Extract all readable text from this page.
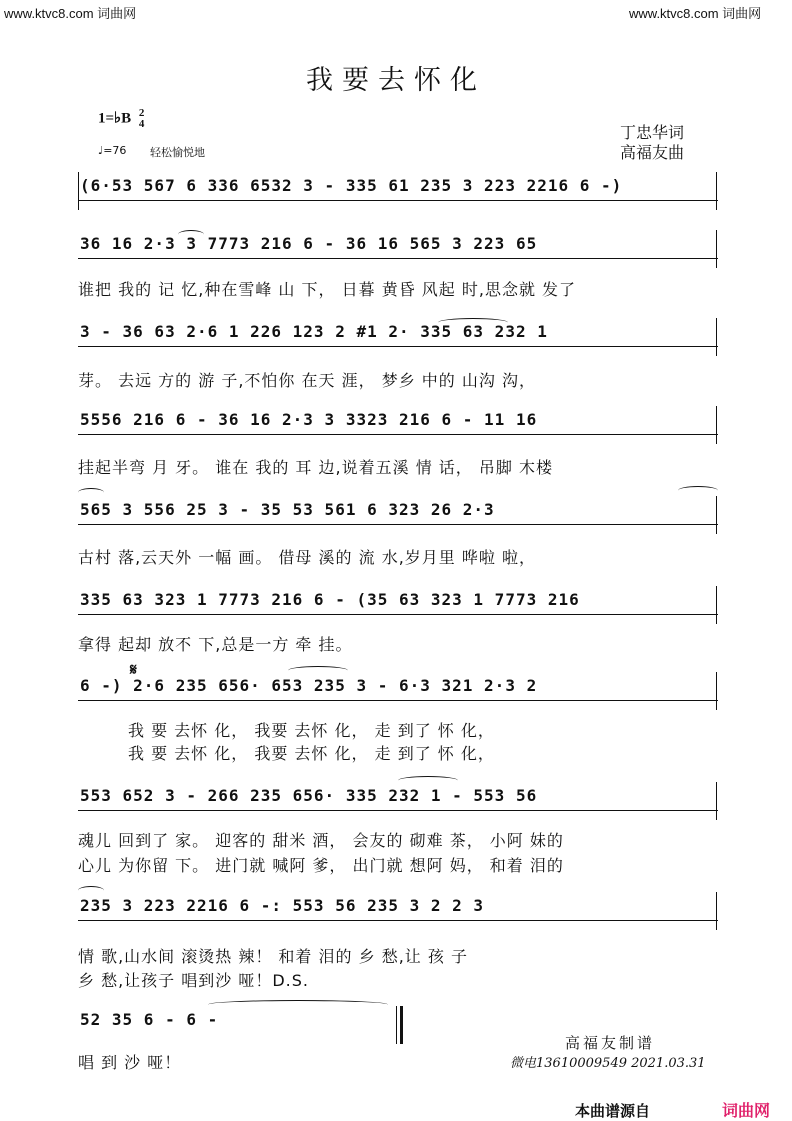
www.ktvc8.com 词曲网	www.ktvc8.com 词曲网
我要去怀化
1=♭B 2
4
♩=76 轻松愉悦地
丁忠华词
高福友曲
(6·53 567 6 336 6532 3 - 335 61 235 3 223 2216 6 -)
36 16 2·3 3 7773 216 6 - 36 16 565 3 223 65
谁把 我的 记 忆,种在雪峰 山 下， 日暮 黄昏 风起 时,思念就 发了
3 - 36 63 2·6 1 226 123 2 #1 2· 335 63 232 1
芽。 去远 方的 游 子,不怕你 在天 涯， 梦乡 中的 山沟 沟，
5556 216 6 - 36 16 2·3 3 3323 216 6 - 11 16
挂起半弯 月 牙。 谁在 我的 耳 边,说着五溪 情 话， 吊脚 木楼
565 3 556 25 3 - 35 53 561 6 323 26 2·3
古村 落,云天外 一幅 画。 借母 溪的 流 水,岁月里 哗啦 啦，
335 63 323 1 7773 216 6 - (35 63 323 1 7773 216
拿得 起却 放不 下,总是一方 牵 挂。
𝄋
6 -) 2·6 235 656· 653 235 3 - 6·3 321 2·3 2
我 要 去怀 化， 我要 去怀 化， 走 到了 怀 化，
我 要 去怀 化， 我要 去怀 化， 走 到了 怀 化，
553 652 3 - 266 235 656· 335 232 1 - 553 56
魂儿 回到了 家。 迎客的 甜米 酒， 会友的 砌难 茶， 小阿 妹的
心儿 为你留 下。 进门就 喊阿 爹， 出门就 想阿 妈， 和着 泪的
235 3 223 2216 6 -: 553 56 235 3 2 2 3
情 歌,山水间 滚烫热 辣！ 和着 泪的 乡 愁,让 孩 子
乡 愁,让孩子 唱到沙 哑！D.S.
52 35 6 - 6 -
唱 到 沙 哑！
高福友制谱
微电13610009549 2021.03.31
本曲谱源自	词曲网
